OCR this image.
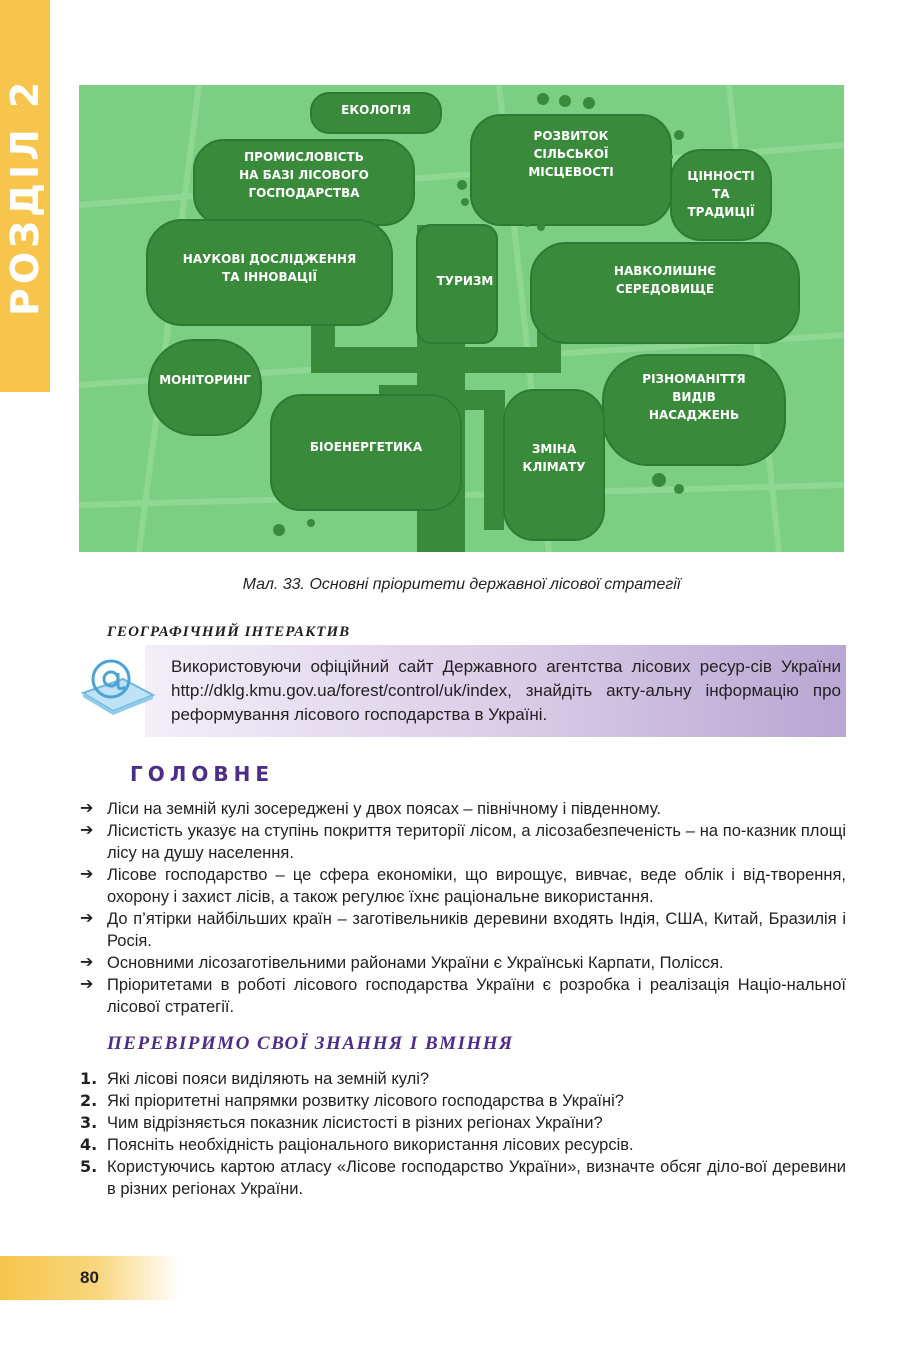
РОЗДІЛ 2	ЕКОЛОГІЯ
ПРОМИСЛОВІСТЬ
НА БАЗІ ЛІСОВОГО
ГОСПОДАРСТВА
РОЗВИТОК
СІЛЬСЬКОЇ
МІСЦЕВОСТІ	ЦІННОСТІ
ТА
ТРАДИЦІЇ
НАУКОВІ ДОСЛІДЖЕННЯ
ТА ІННОВАЦІЇ	ТУРИЗМ
НАВКОЛИШНЄ
СЕРЕДОВИЩЕ
МОНІТОРИНГ	РІЗНОМАНІТТЯ
ВИДІВ
НАСАДЖЕНЬ
БІОЕНЕРГЕТИКА	ЗМІНА
КЛІМАТУ
Мал. 33. Основні пріоритети державної лісової стратегії
ГЕОГРАФІЧНИЙ ІНТЕРАКТИВ
Використовуючи офіційний сайт Державного агентства лісових ресур-сів України http://dklg.kmu.gov.ua/forest/control/uk/index, знайдіть акту-альну інформацію про реформування лісового господарства в Україні.
ГОЛОВНЕ
➔ Ліси на земній кулі зосереджені у двох поясах – північному і південному.
➔ Лісистість указує на ступінь покриття території лісом, а лісозабезпеченість – на по-казник площі лісу на душу населення.
➔ Лісове господарство – це сфера економіки, що вирощує, вивчає, веде облік і від-творення, охорону і захист лісів, а також регулює їхнє раціональне використання.
➔ До п’ятірки найбільших країн – заготівельників деревини входять Індія, США, Китай, Бразилія і Росія.
➔ Основними лісозаготівельними районами України є Українські Карпати, Полісся.
➔ Пріоритетами в роботі лісового господарства України є розробка і реалізація Націо-нальної лісової стратегії.
ПЕРЕВІРИМО СВОЇ ЗНАННЯ І ВМІННЯ
1. Які лісові пояси виділяють на земній кулі?
2. Які пріоритетні напрямки розвитку лісового господарства в Україні?
3. Чим відрізняється показник лісистості в різних регіонах України?
4. Поясніть необхідність раціонального використання лісових ресурсів.
5. Користуючись картою атласу «Лісове господарство України», визначте обсяг діло-вої деревини в різних регіонах України.
80
